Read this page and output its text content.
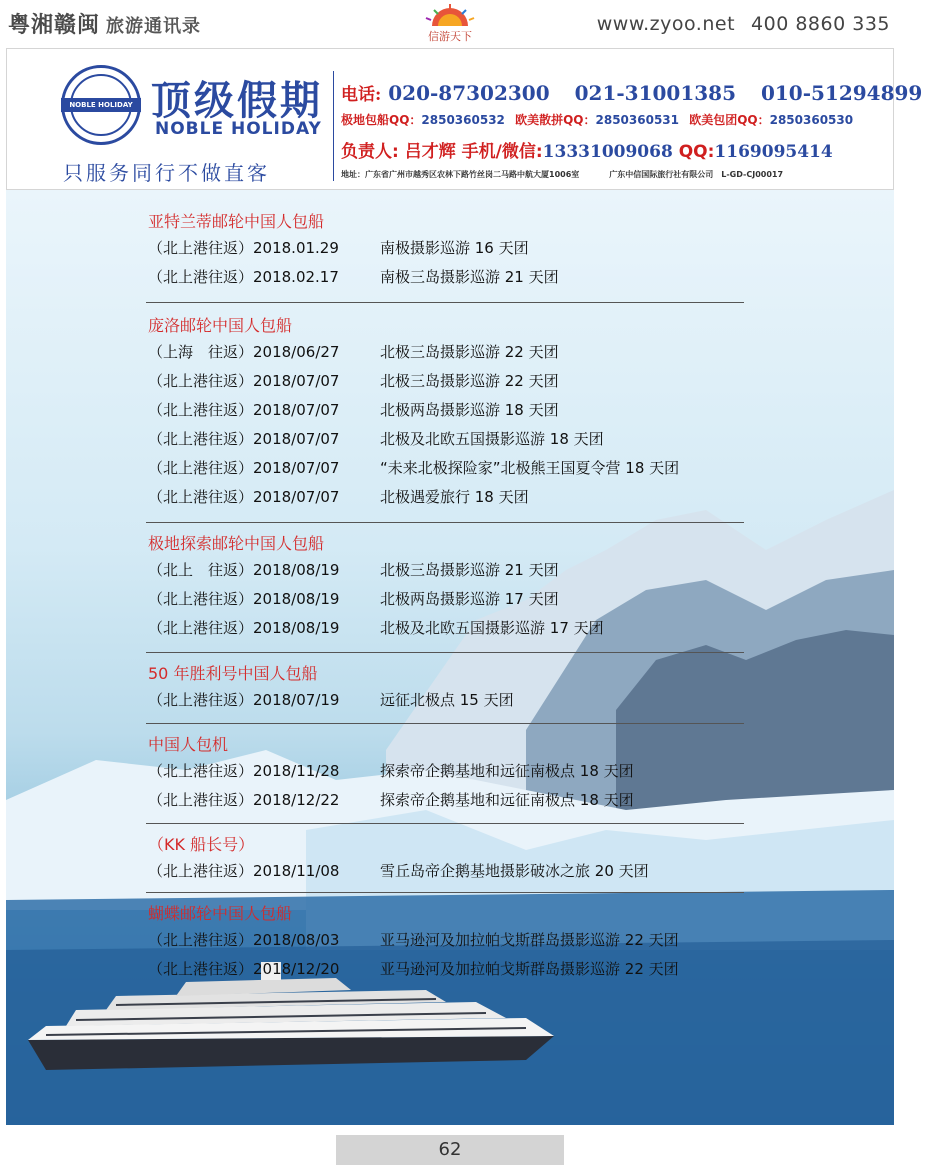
粤湘赣闽 旅游通讯录	信游天下
www.zyoo.net 400 8860 335
NOBLE HOLIDAY 顶级假期
NOBLE HOLIDAY
只服务同行不做直客
电话: 020-87302300 021-31001385 010-51294899
极地包船QQ：2850360532 欧美散拼QQ：2850360531 欧美包团QQ：2850360530
负责人: 吕才辉 手机/微信:13331009068 QQ:1169095414
地址：广东省广州市越秀区农林下路竹丝岗二马路中航大厦1006室	广东中信国际旅行社有限公司　L-GD-CJ00017
亚特兰蒂邮轮中国人包船
（北上港往返）2018.01.29	南极摄影巡游 16 天团
（北上港往返）2018.02.17	南极三岛摄影巡游 21 天团
庞洛邮轮中国人包船
（上海　往返）2018/06/27	北极三岛摄影巡游 22 天团
（北上港往返）2018/07/07	北极三岛摄影巡游 22 天团
（北上港往返）2018/07/07	北极两岛摄影巡游 18 天团
（北上港往返）2018/07/07	北极及北欧五国摄影巡游 18 天团
（北上港往返）2018/07/07	“未来北极探险家”北极熊王国夏令营 18 天团
（北上港往返）2018/07/07	北极遇爱旅行 18 天团
极地探索邮轮中国人包船
（北上　往返）2018/08/19	北极三岛摄影巡游 21 天团
（北上港往返）2018/08/19	北极两岛摄影巡游 17 天团
（北上港往返）2018/08/19	北极及北欧五国摄影巡游 17 天团
50 年胜利号中国人包船
（北上港往返）2018/07/19	远征北极点 15 天团
中国人包机
（北上港往返）2018/11/28	探索帝企鹅基地和远征南极点 18 天团
（北上港往返）2018/12/22	探索帝企鹅基地和远征南极点 18 天团
（KK 船长号）
（北上港往返）2018/11/08	雪丘岛帝企鹅基地摄影破冰之旅 20 天团
蝴蝶邮轮中国人包船
（北上港往返）2018/08/03	亚马逊河及加拉帕戈斯群岛摄影巡游 22 天团
（北上港往返）2018/12/20	亚马逊河及加拉帕戈斯群岛摄影巡游 22 天团
62
